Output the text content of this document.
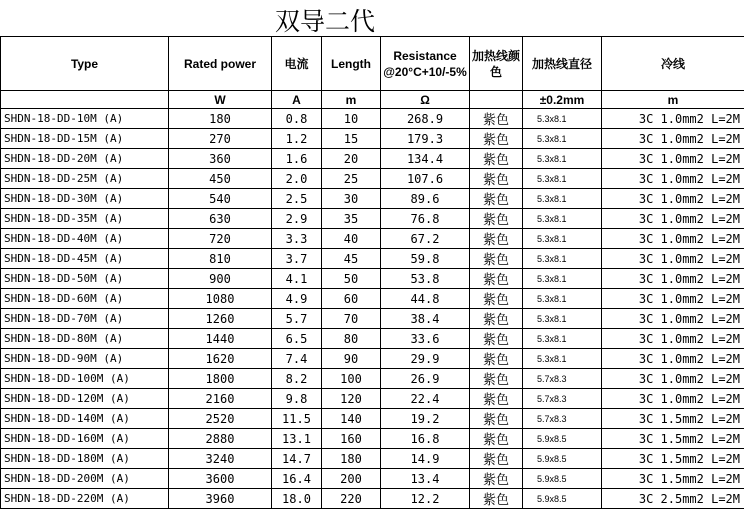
双导二代
Type	Rated power	电流	Length	Resistance @20°C+10/-5%	加热线颜色	加热线直径	冷线
	W	A	m	Ω		±0.2mm	m
SHDN-18-DD-10M (A)	180	0.8	10	268.9	紫色	5.3x8.1	3C 1.0mm2 L=2M
SHDN-18-DD-15M (A)	270	1.2	15	179.3	紫色	5.3x8.1	3C 1.0mm2 L=2M
SHDN-18-DD-20M (A)	360	1.6	20	134.4	紫色	5.3x8.1	3C 1.0mm2 L=2M
SHDN-18-DD-25M (A)	450	2.0	25	107.6	紫色	5.3x8.1	3C 1.0mm2 L=2M
SHDN-18-DD-30M (A)	540	2.5	30	89.6	紫色	5.3x8.1	3C 1.0mm2 L=2M
SHDN-18-DD-35M (A)	630	2.9	35	76.8	紫色	5.3x8.1	3C 1.0mm2 L=2M
SHDN-18-DD-40M (A)	720	3.3	40	67.2	紫色	5.3x8.1	3C 1.0mm2 L=2M
SHDN-18-DD-45M (A)	810	3.7	45	59.8	紫色	5.3x8.1	3C 1.0mm2 L=2M
SHDN-18-DD-50M (A)	900	4.1	50	53.8	紫色	5.3x8.1	3C 1.0mm2 L=2M
SHDN-18-DD-60M (A)	1080	4.9	60	44.8	紫色	5.3x8.1	3C 1.0mm2 L=2M
SHDN-18-DD-70M (A)	1260	5.7	70	38.4	紫色	5.3x8.1	3C 1.0mm2 L=2M
SHDN-18-DD-80M (A)	1440	6.5	80	33.6	紫色	5.3x8.1	3C 1.0mm2 L=2M
SHDN-18-DD-90M (A)	1620	7.4	90	29.9	紫色	5.3x8.1	3C 1.0mm2 L=2M
SHDN-18-DD-100M (A)	1800	8.2	100	26.9	紫色	5.7x8.3	3C 1.0mm2 L=2M
SHDN-18-DD-120M (A)	2160	9.8	120	22.4	紫色	5.7x8.3	3C 1.0mm2 L=2M
SHDN-18-DD-140M (A)	2520	11.5	140	19.2	紫色	5.7x8.3	3C 1.5mm2 L=2M
SHDN-18-DD-160M (A)	2880	13.1	160	16.8	紫色	5.9x8.5	3C 1.5mm2 L=2M
SHDN-18-DD-180M (A)	3240	14.7	180	14.9	紫色	5.9x8.5	3C 1.5mm2 L=2M
SHDN-18-DD-200M (A)	3600	16.4	200	13.4	紫色	5.9x8.5	3C 1.5mm2 L=2M
SHDN-18-DD-220M (A)	3960	18.0	220	12.2	紫色	5.9x8.5	3C 2.5mm2 L=2M
